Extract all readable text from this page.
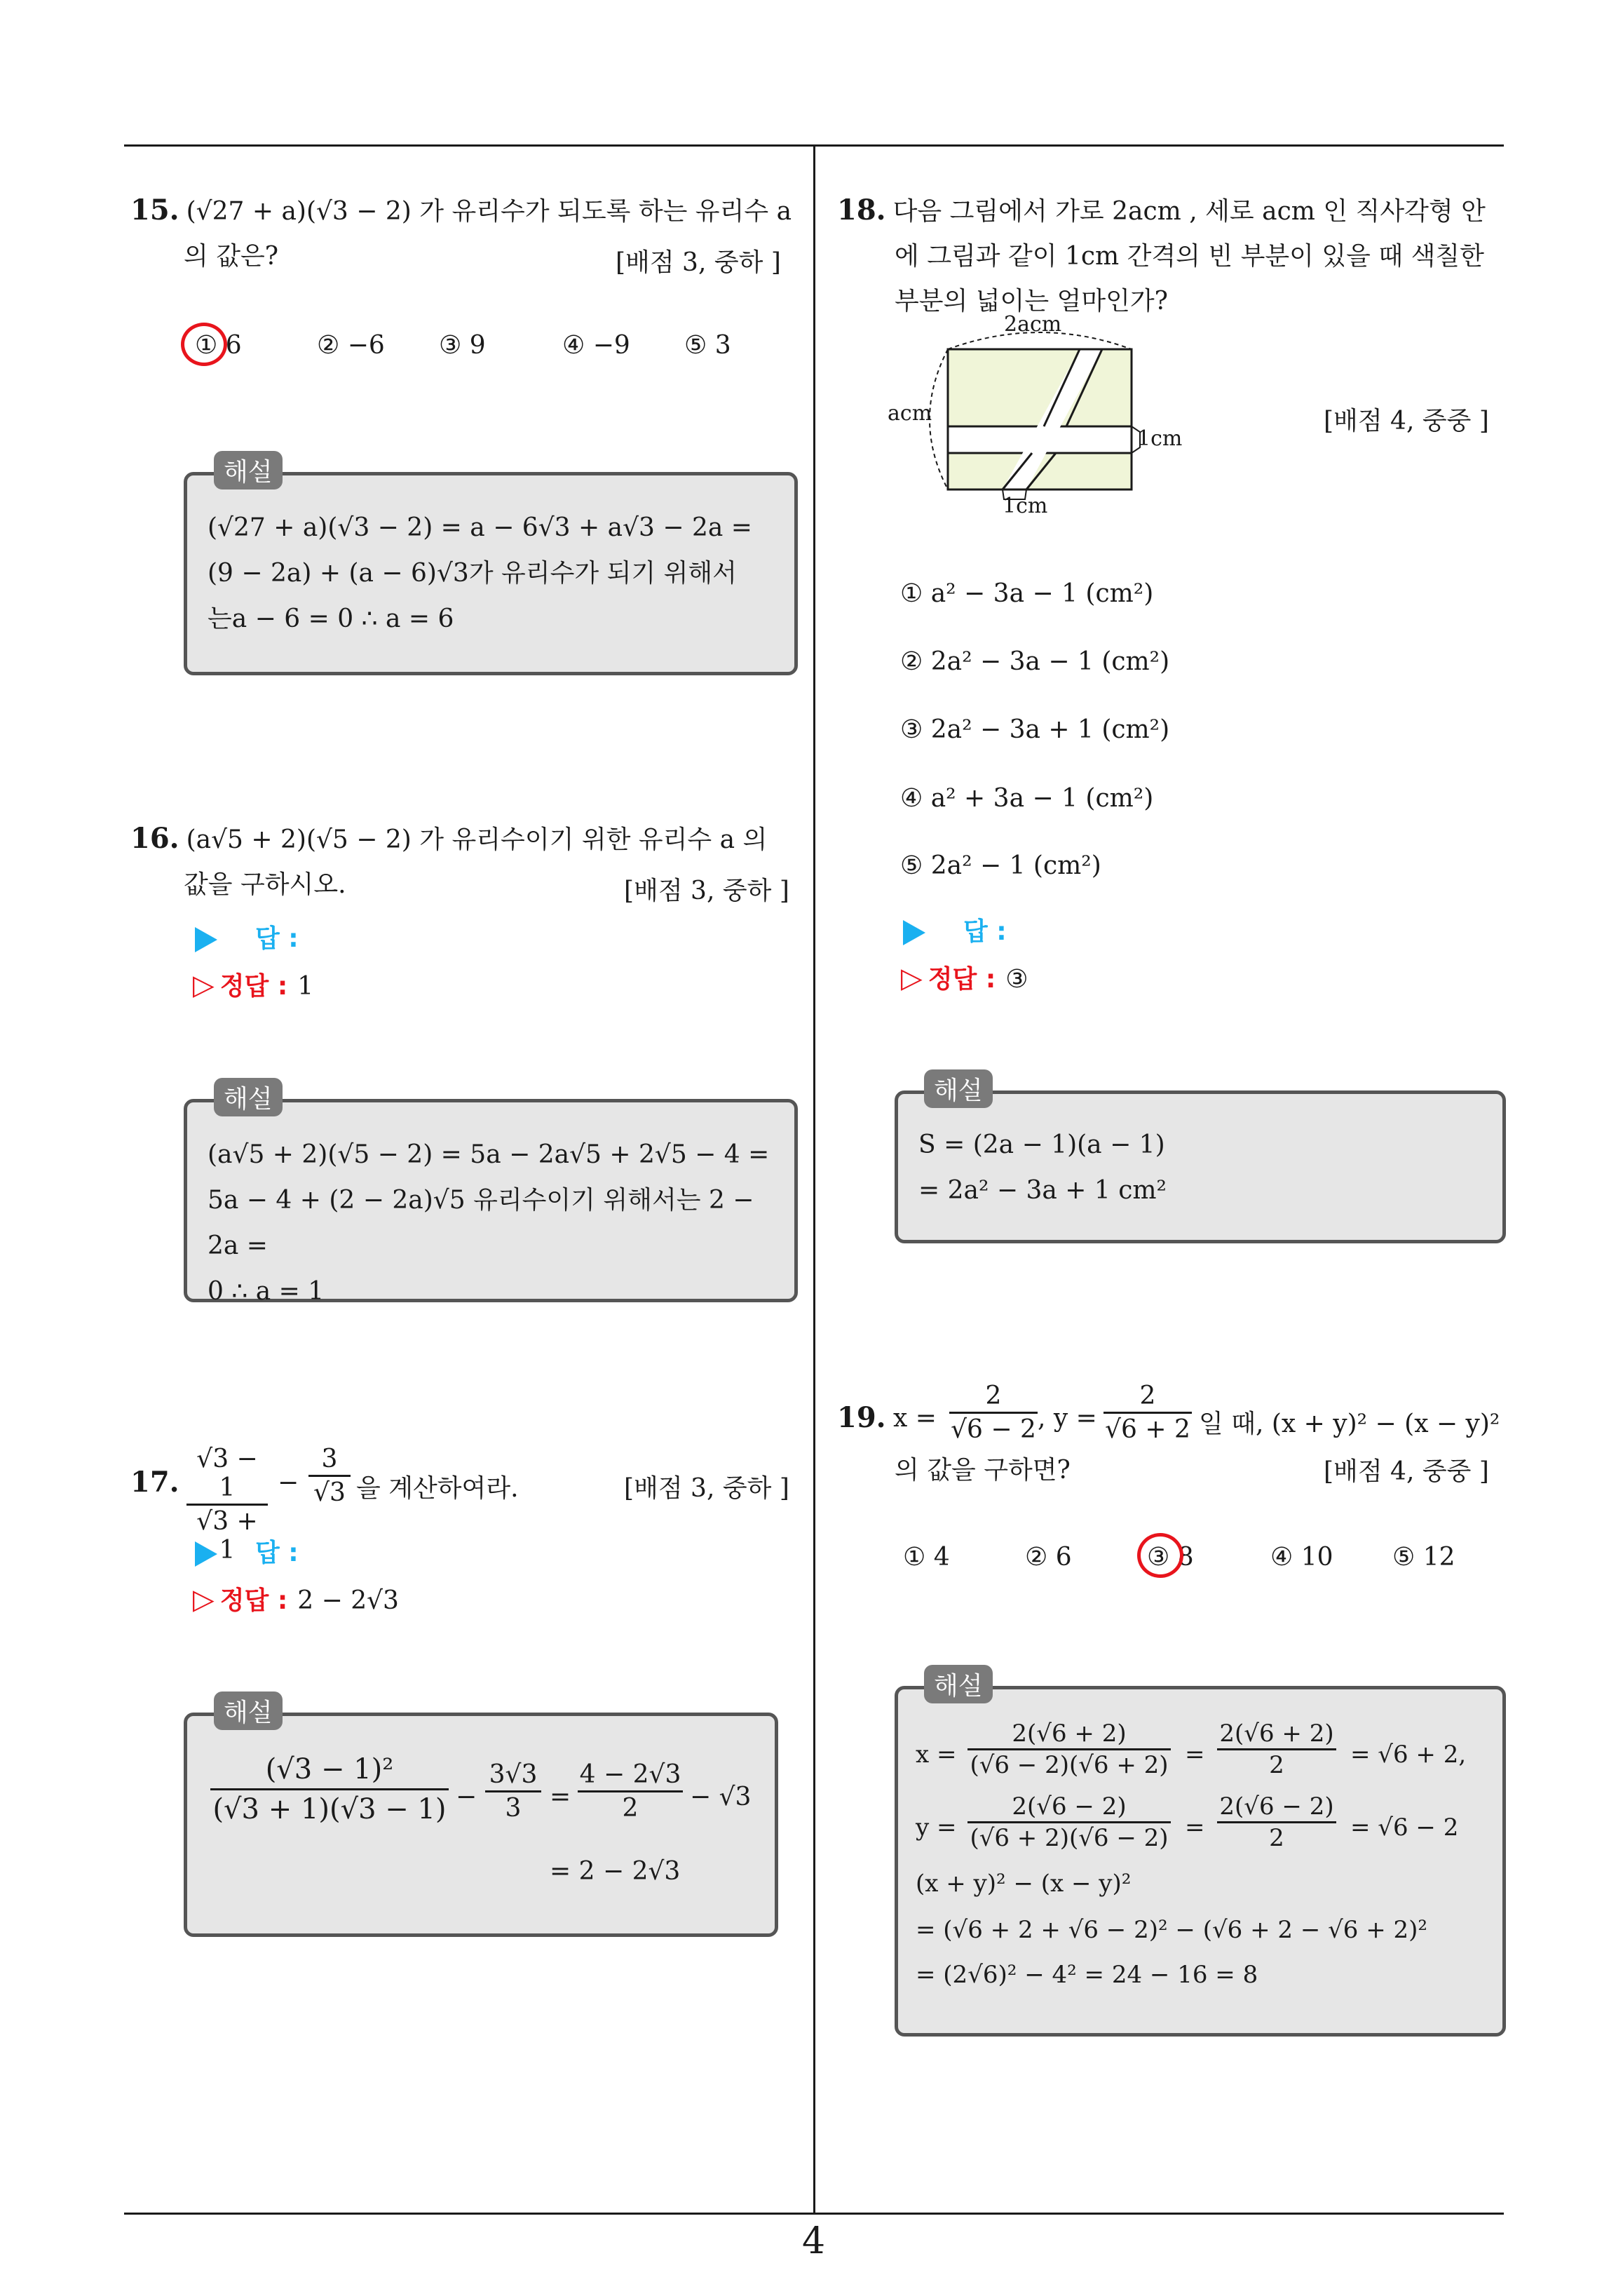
15. (√27 + a)(√3 − 2) 가 유리수가 되도록 하는 유리수 a
의 값은?	[배점 3, 중하 ]
① 6	② −6 ③ 9	④ −9 ⑤ 3
해설
(√27 + a)(√3 − 2) = a − 6√3 + a√3 − 2a =
(9 − 2a) + (a − 6)√3가 유리수가 되기 위해서
는a − 6 = 0 ∴ a = 6
16. (a√5 + 2)(√5 − 2) 가 유리수이기 위한 유리수 a 의
값을 구하시오.	[배점 3, 중하 ]
답 :
▷ 정답 : 1
해설
(a√5 + 2)(√5 − 2) = 5a − 2a√5 + 2√5 − 4 =
5a − 4 + (2 − 2a)√5 유리수이기 위해서는 2 − 2a =
0 ∴ a = 1
17.
√3 − 1
√3 + 1
−
3
√3 을 계산하여라.	[배점 3, 중하 ]
답 :
▷ 정답 : 2 − 2√3
해설
(√3 − 1)²
(√3 + 1)(√3 − 1) −
3√3
3	=
4 − 2√3
2	− √3
= 2 − 2√3
18. 다음 그림에서 가로 2acm , 세로 acm 인 직사각형 안
에 그림과 같이 1cm 간격의 빈 부분이 있을 때 색칠한
부분의 넓이는 얼마인가?
2acm
acm
1cm
1cm
[배점 4, 중중 ]
① a² − 3a − 1 (cm²)
② 2a² − 3a − 1 (cm²)
③ 2a² − 3a + 1 (cm²)
④ a² + 3a − 1 (cm²)
⑤ 2a² − 1 (cm²)
답 :
▷ 정답 : ③
해설
S = (2a − 1)(a − 1)
= 2a² − 3a + 1 cm²
19. x =
2
√6 − 2 , y =
2
√6 + 2 일 때, (x + y)² − (x − y)²
의 값을 구하면?	[배점 4, 중중 ]
① 4	② 6	③ 8	④ 10 ⑤ 12
해설
x =
2(√6 + 2)
(√6 − 2)(√6 + 2) =
2(√6 + 2)
2	= √6 + 2,
y =
2(√6 − 2)
(√6 + 2)(√6 − 2) =
2(√6 − 2)
2	= √6 − 2
(x + y)² − (x − y)²
= (√6 + 2 + √6 − 2)² − (√6 + 2 − √6 + 2)²
= (2√6)² − 4² = 24 − 16 = 8
4
